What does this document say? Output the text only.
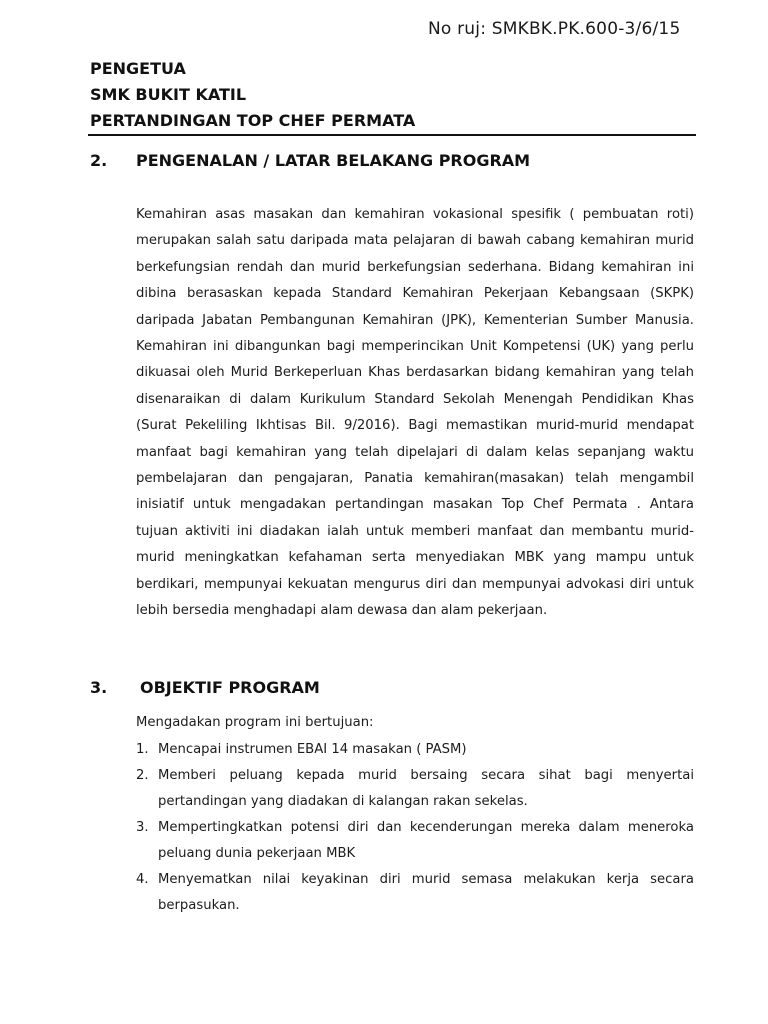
No ruj: SMKBK.PK.600-3/6/15
PENGETUA
SMK BUKIT KATIL
PERTANDINGAN TOP CHEF PERMATA
2. PENGENALAN / LATAR BELAKANG PROGRAM
Kemahiran asas masakan dan kemahiran vokasional spesifik ( pembuatan roti) merupakan salah satu daripada mata pelajaran di bawah cabang kemahiran murid berkefungsian rendah dan murid berkefungsian sederhana. Bidang kemahiran ini dibina berasaskan kepada Standard Kemahiran Pekerjaan Kebangsaan (SKPK) daripada Jabatan Pembangunan Kemahiran (JPK), Kementerian Sumber Manusia. Kemahiran ini dibangunkan bagi memperincikan Unit Kompetensi (UK) yang perlu dikuasai oleh Murid Berkeperluan Khas berdasarkan bidang kemahiran yang telah disenaraikan di dalam Kurikulum Standard Sekolah Menengah Pendidikan Khas (Surat Pekeliling Ikhtisas Bil. 9/2016). Bagi memastikan murid-murid mendapat manfaat bagi kemahiran yang telah dipelajari di dalam kelas sepanjang waktu pembelajaran dan pengajaran, Panatia kemahiran(masakan) telah mengambil inisiatif untuk mengadakan pertandingan masakan Top Chef Permata . Antara tujuan aktiviti ini diadakan ialah untuk memberi manfaat dan membantu murid-murid meningkatkan kefahaman serta menyediakan MBK yang mampu untuk berdikari, mempunyai kekuatan mengurus diri dan mempunyai advokasi diri untuk lebih bersedia menghadapi alam dewasa dan alam pekerjaan.
3. OBJEKTIF PROGRAM
Mengadakan program ini bertujuan:
1. Mencapai instrumen EBAI 14 masakan ( PASM)
2. Memberi peluang kepada murid bersaing secara sihat bagi menyertai pertandingan yang diadakan di kalangan rakan sekelas.
3. Mempertingkatkan potensi diri dan kecenderungan mereka dalam meneroka peluang dunia pekerjaan MBK
4. Menyematkan nilai keyakinan diri murid semasa melakukan kerja secara berpasukan.
